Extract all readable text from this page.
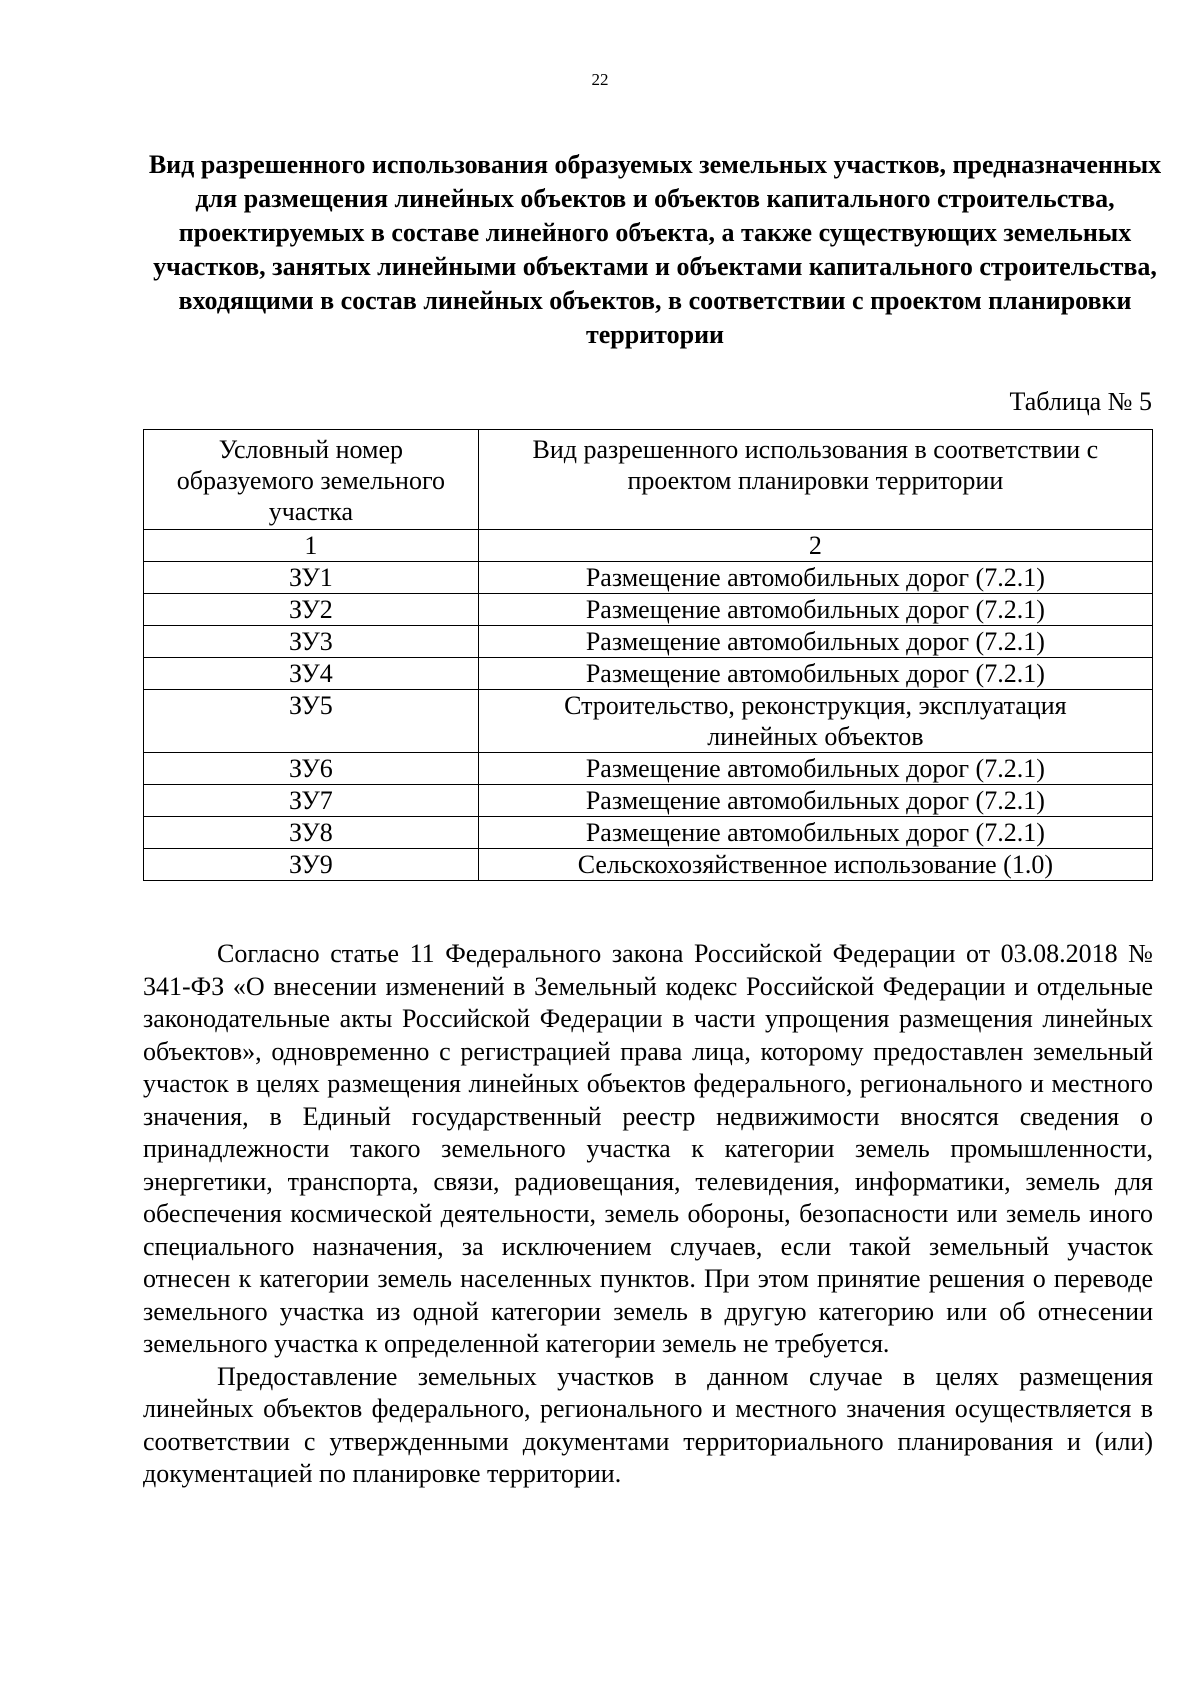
22
Вид разрешенного использования образуемых земельных участков, предназначенных для размещения линейных объектов и объектов капитального строительства, проектируемых в составе линейного объекта, а также существующих земельных участков, занятых линейными объектами и объектами капитального строительства, входящими в состав линейных объектов, в соответствии с проектом планировки территории
Таблица № 5
Условный номер образуемого земельного участка	Вид разрешенного использования в соответствии с проектом планировки территории
1	2
ЗУ1	Размещение автомобильных дорог (7.2.1)
ЗУ2	Размещение автомобильных дорог (7.2.1)
ЗУ3	Размещение автомобильных дорог (7.2.1)
ЗУ4	Размещение автомобильных дорог (7.2.1)
ЗУ5	Строительство, реконструкция, эксплуатация линейных объектов
ЗУ6	Размещение автомобильных дорог (7.2.1)
ЗУ7	Размещение автомобильных дорог (7.2.1)
ЗУ8	Размещение автомобильных дорог (7.2.1)
ЗУ9	Сельскохозяйственное использование (1.0)

Согласно статье 11 Федерального закона Российской Федерации от 03.08.2018 № 341-ФЗ «О внесении изменений в Земельный кодекс Российской Федерации и отдельные законодательные акты Российской Федерации в части упрощения размещения линейных объектов», одновременно с регистрацией права лица, которому предоставлен земельный участок в целях размещения линейных объектов федерального, регионального и местного значения, в Единый государственный реестр недвижимости вносятся сведения о принадлежности такого земельного участка к категории земель промышленности, энергетики, транспорта, связи, радиовещания, телевидения, информатики, земель для обеспечения космической деятельности, земель обороны, безопасности или земель иного специального назначения, за исключением случаев, если такой земельный участок отнесен к категории земель населенных пунктов. При этом принятие решения о переводе земельного участка из одной категории земель в другую категорию или об отнесении земельного участка к определенной категории земель не требуется.

Предоставление земельных участков в данном случае в целях размещения линейных объектов федерального, регионального и местного значения осуществляется в соответствии с утвержденными документами территориального планирования и (или) документацией по планировке территории.
